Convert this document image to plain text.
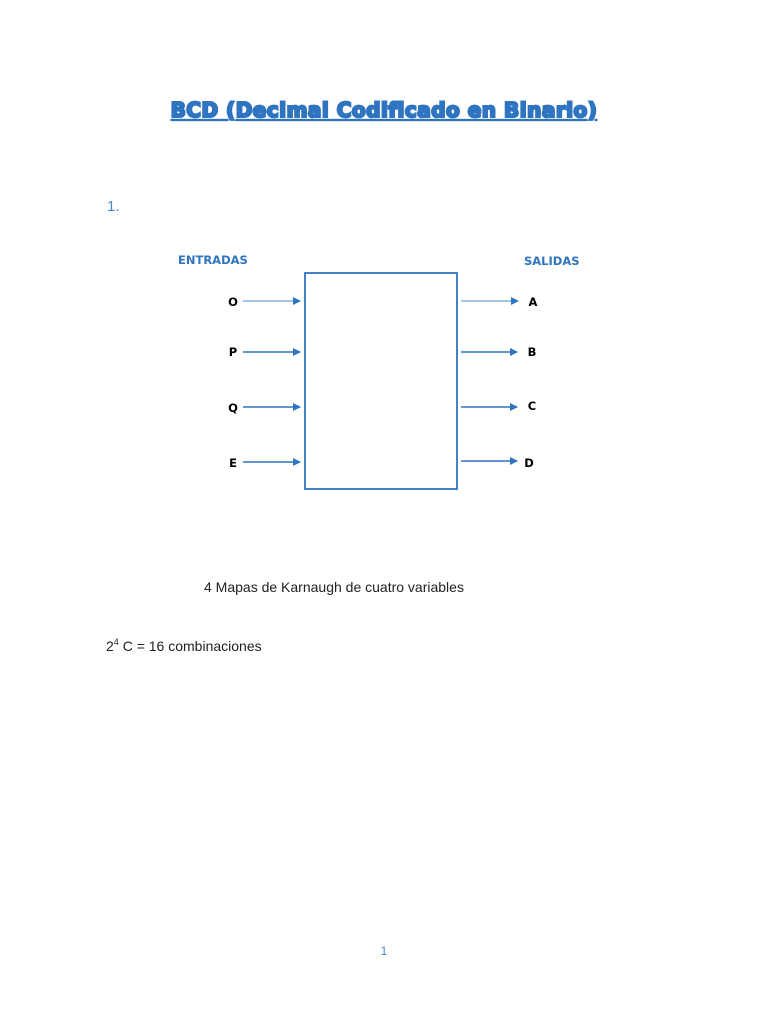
BCD (Decimal Codificado en Binario)
1.
ENTRADAS	SALIDAS
O
P
Q
E
A
B
C
D
4 Mapas de Karnaugh de cuatro variables
$2^4$ C = 16 combinaciones
1
